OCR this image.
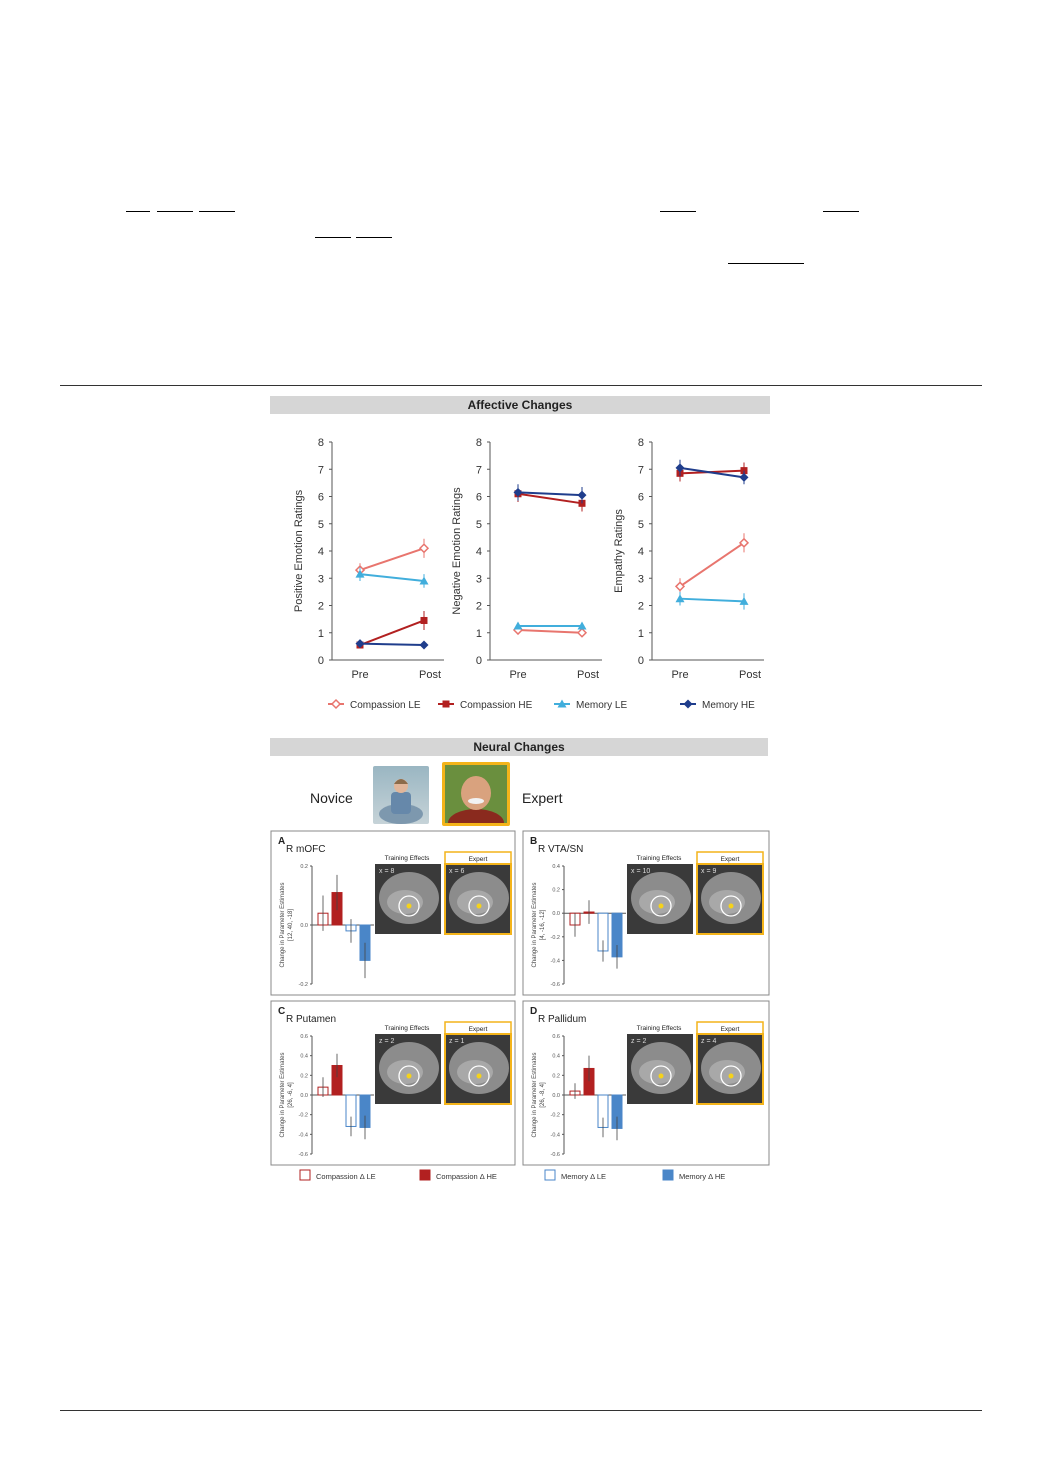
Affective Changes
0
1
2
3
4
5
6
7
8
Pre	Post
Positive Emotion Ratings
0
1
2
3
4
5
6
7
8
Pre	Post
Negative Emotion Ratings
0
1
2
3
4
5
6
7
8
Pre	Post
Empathy Ratings
Compassion LE	Compassion HE	Memory LE	Memory HE
Neural Changes
Novice	Expert
A
R mOFC
0.2
0.0
-0.2
Change in Parameter Estimates [12, 40, -18]
Training Effects	Expert
x = 8	x = 6
B
R VTA/SN
0.4
0.2
0.0
-0.2
-0.4
-0.6
Change in Parameter Estimates [4, -16, -12]
Training Effects	Expert
x = 10	x = 9
C
R Putamen
0.6
0.4
0.2
0.0
-0.2
-0.4
-0.6
Change in Parameter Estimates [26, -6, 4]
Training Effects	Expert
z = 2	z = 1
D
R Pallidum
0.6
0.4
0.2
0.0
-0.2
-0.4
-0.6
Change in Parameter Estimates [26, -8, 4]
Training Effects	Expert
z = 2	z = 4
Compassion Δ LE	Compassion Δ HE	Memory Δ LE	Memory Δ HE
